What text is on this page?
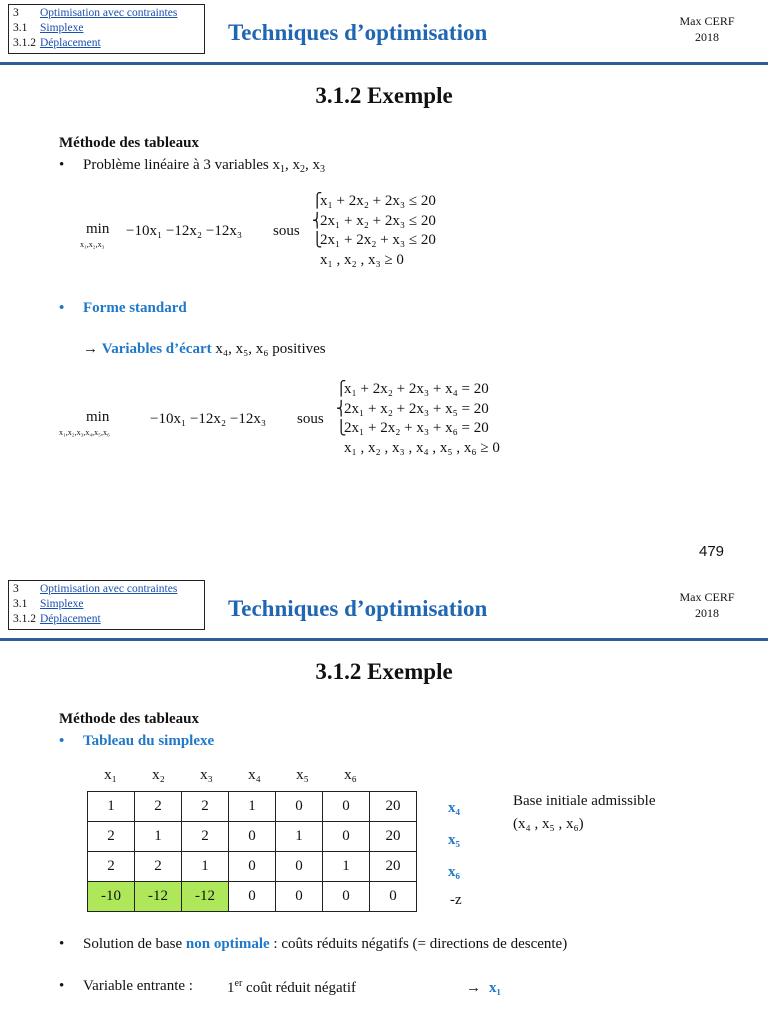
3 Optimisation avec contraintes
3.1 Simplexe
3.1.2 Déplacement	Techniques d’optimisation	Max CERF
2018
3.1.2 Exemple
Méthode des tableaux
• Problème linéaire à 3 variables $x_1$, $x_2$, $x_3$
min
x₁,x₂,x₃
−10x₁ −12x₂ −12x₃ sous
⎧
⎨
⎩
x₁ + 2x₂ + 2x₃ ≤ 20
2x₁ + x₂ + 2x₃ ≤ 20
2x₁ + 2x₂ + x₃ ≤ 20
x₁ , x₂ , x₃ ≥ 0
• Forme standard
→ Variables d’écart x₄, x₅, x₆ positives
min
x₁,x₂,x₃,x₄,x₅,x₆
−10x₁ −12x₂ −12x₃ sous
⎧
⎨
⎩
x₁ + 2x₂ + 2x₃ + x₄ = 20
2x₁ + x₂ + 2x₃ + x₅ = 20
2x₁ + 2x₂ + x₃ + x₆ = 20
x₁ , x₂ , x₃ , x₄ , x₅ , x₆ ≥ 0
479
3 Optimisation avec contraintes
3.1 Simplexe
3.1.2 Déplacement	Techniques d’optimisation	Max CERF
2018
3.1.2 Exemple
Méthode des tableaux
• Tableau du simplexe
x₁	x₂	x₃	x₄	x₅	x₆
1	2	2	1	0	0	20
2	1	2	0	1	0	20
2	2	1	0	0	1	20
-10	-12	-12	0	0	0	0
x₄
x₅
x₆
-z
Base initiale admissible
(x₄ , x₅ , x₆)
• Solution de base non optimale : coûts réduits négatifs (= directions de descente)
• Variable entrante : 1er coût réduit négatif	→ x₁
